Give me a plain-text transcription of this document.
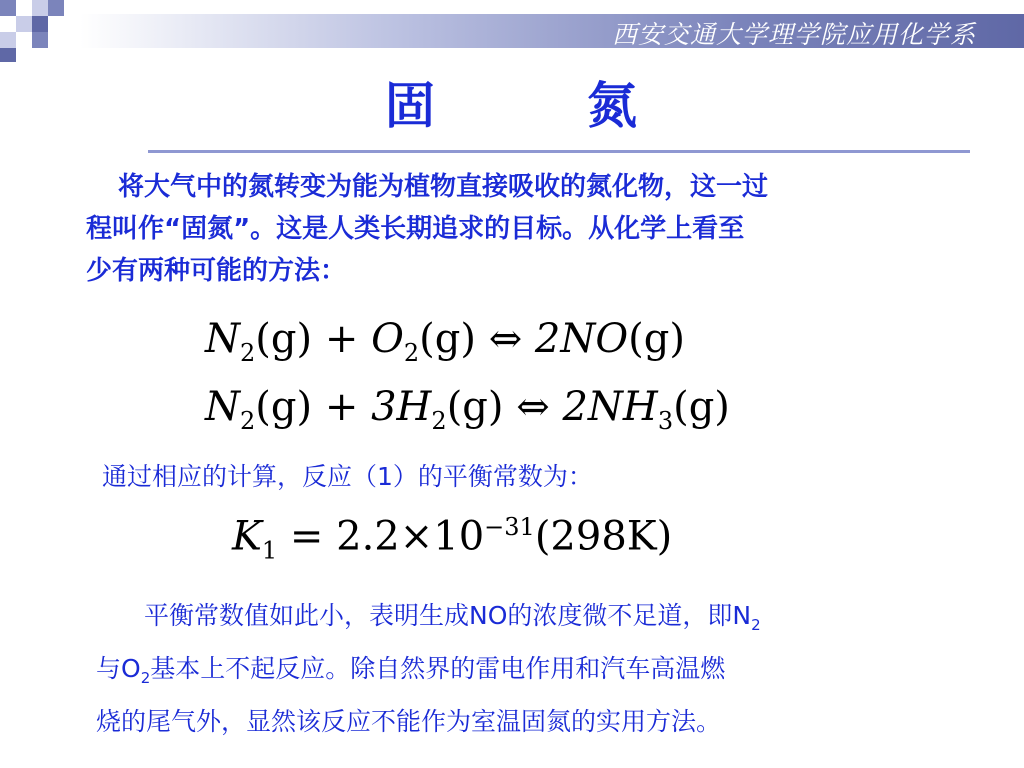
西安交通大学理学院应用化学系
固	氮
将大气中的氮转变为能为植物直接吸收的氮化物，这一过
程叫作“固氮”。这是人类长期追求的目标。从化学上看至
少有两种可能的方法：
$N_2(g) + O_2(g)$ ⇔ 2NO(g)
$N_2(g) + 3H_2(g)$ ⇔ $2NH_3(g)$
通过相应的计算，反应（1）的平衡常数为：
$K_1 = 2.2\times 10^{-31}(298K)$
平衡常数值如此小，表明生成NO的浓度微不足道，即$N_2$
与$O_2$基本上不起反应。除自然界的雷电作用和汽车高温燃
烧的尾气外，显然该反应不能作为室温固氮的实用方法。
